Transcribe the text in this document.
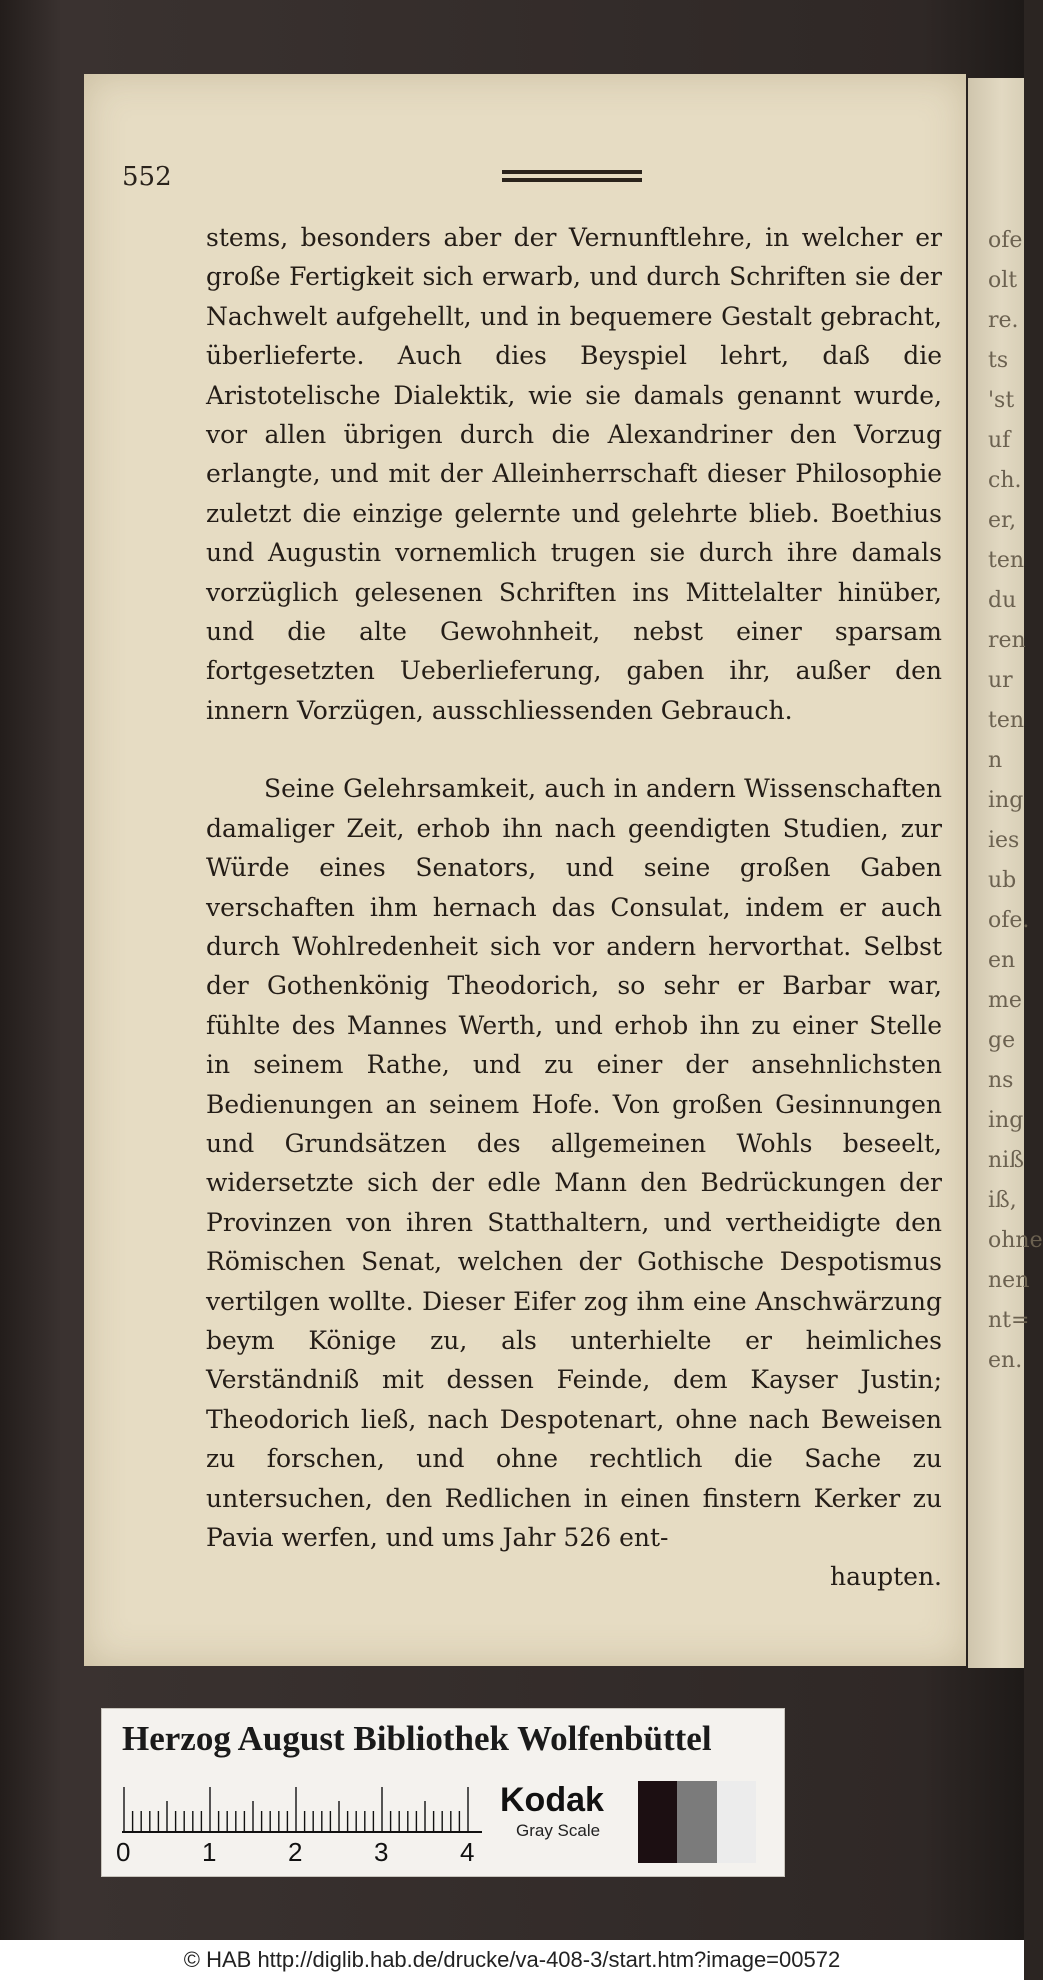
ofe
olt
re.
ts
'st
uf
ch.
er,
ten
du
ren
ur
ten
n
ing
ies
ub
ofe.
en
me
ge
ns
ing
niß
iß,
ohne
nen
nt=
en.
552

stems, besonders aber der Vernunftlehre, in welcher er große Fertigkeit sich erwarb, und durch Schriften sie der Nachwelt aufgehellt, und in bequemere Gestalt gebracht, überlieferte. Auch dies Beyspiel lehrt, daß die Aristotelische Dialektik, wie sie damals genannt wurde, vor allen übrigen durch die Alexandriner den Vorzug erlangte, und mit der Alleinherrschaft dieser Philosophie zuletzt die einzige gelernte und gelehrte blieb. Boethius und Augustin vornemlich trugen sie durch ihre damals vorzüglich gelesenen Schriften ins Mittelalter hinüber, und die alte Gewohnheit, nebst einer sparsam fortgesetzten Ueberlieferung, gaben ihr, außer den innern Vorzügen, ausschliessenden Gebrauch.

Seine Gelehrsamkeit, auch in andern Wissenschaften damaliger Zeit, erhob ihn nach geendigten Studien, zur Würde eines Senators, und seine großen Gaben verschaften ihm hernach das Consulat, indem er auch durch Wohlredenheit sich vor andern hervorthat. Selbst der Gothenkönig Theodorich, so sehr er Barbar war, fühlte des Mannes Werth, und erhob ihn zu einer Stelle in seinem Rathe, und zu einer der ansehnlichsten Bedienungen an seinem Hofe. Von großen Gesinnungen und Grundsätzen des allgemeinen Wohls beseelt, widersetzte sich der edle Mann den Bedrückungen der Provinzen von ihren Statthaltern, und vertheidigte den Römischen Senat, welchen der Gothische Despotismus vertilgen wollte. Dieser Eifer zog ihm eine Anschwärzung beym Könige zu, als unterhielte er heimliches Verständniß mit dessen Feinde, dem Kayser Justin; Theodorich ließ, nach Despotenart, ohne nach Beweisen zu forschen, und ohne rechtlich die Sache zu untersuchen, den Redlichen in einen finstern Kerker zu Pavia werfen, und ums Jahr 526 ent-

haupten.

Herzog August Bibliothek Wolfenbüttel
0	1	2	3	4
Kodak
Gray Scale
© HAB http://diglib.hab.de/drucke/va-408-3/start.htm?image=00572
